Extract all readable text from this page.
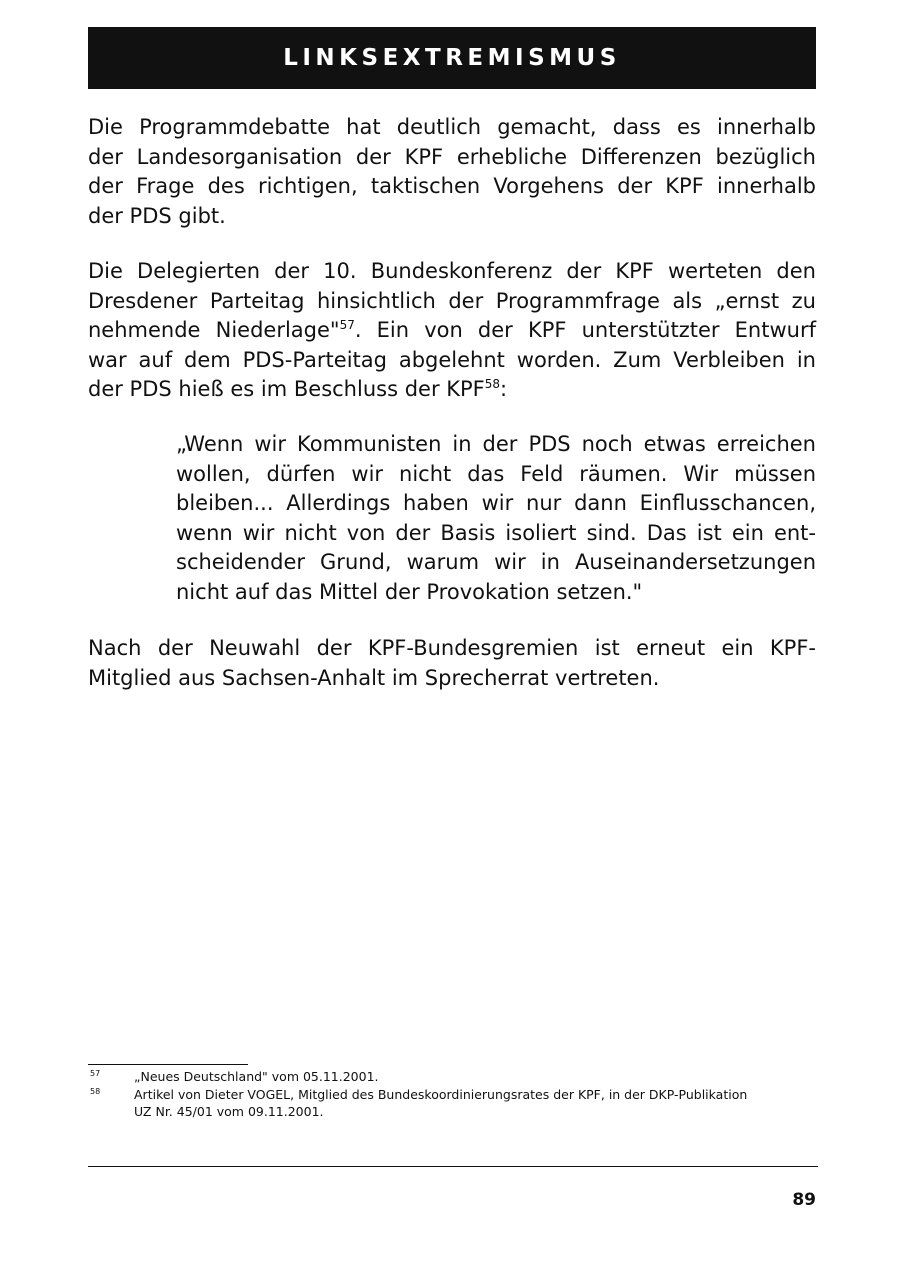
LINKSEXTREMISMUS
Die Programmdebatte hat deutlich gemacht, dass es innerhalb
der Landesorganisation der KPF erhebliche Differenzen bezüglich
der Frage des richtigen, taktischen Vorgehens der KPF innerhalb
der PDS gibt.
Die Delegierten der 10. Bundeskonferenz der KPF werteten den
Dresdener Parteitag hinsichtlich der Programmfrage als „ernst zu
nehmende Niederlage"$^{57}$. Ein von der KPF unterstützter Entwurf
war auf dem PDS-Parteitag abgelehnt worden. Zum Verbleiben in
der PDS hieß es im Beschluss der KPF$^{58}$:
„Wenn wir Kommunisten in der PDS noch etwas erreichen
wollen, dürfen wir nicht das Feld räumen. Wir müssen
bleiben... Allerdings haben wir nur dann Einflusschancen,
wenn wir nicht von der Basis isoliert sind. Das ist ein ent-
scheidender Grund, warum wir in Auseinandersetzungen
nicht auf das Mittel der Provokation setzen."
Nach der Neuwahl der KPF-Bundesgremien ist erneut ein KPF-
Mitglied aus Sachsen-Anhalt im Sprecherrat vertreten.
57	„Neues Deutschland" vom 05.11.2001.
58	Artikel von Dieter VOGEL, Mitglied des Bundeskoordinierungsrates der KPF, in der DKP-Publikation
UZ Nr. 45/01 vom 09.11.2001.
89
